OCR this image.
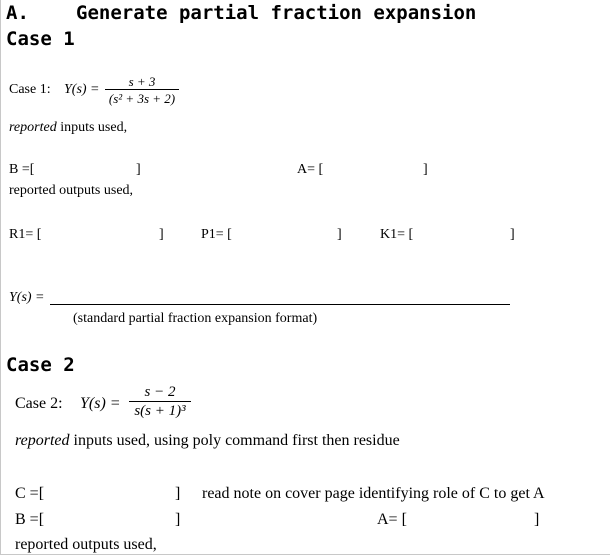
A. Generate partial fraction expansion
Case 1
Case 1: Y(s) =
s + 3
(s² + 3s + 2)
reported inputs used,
B =[	]	A= [	]
reported outputs used,
R1= [	]	P1= [	]	K1= [	]
Y(s) =
(standard partial fraction expansion format)
Case 2
Case 2: Y(s) =
s − 2
s(s + 1)³
reported inputs used, using poly command first then residue
C =[	] read note on cover page identifying role of C to get A
B =[	]	A= [	]
reported outputs used,
